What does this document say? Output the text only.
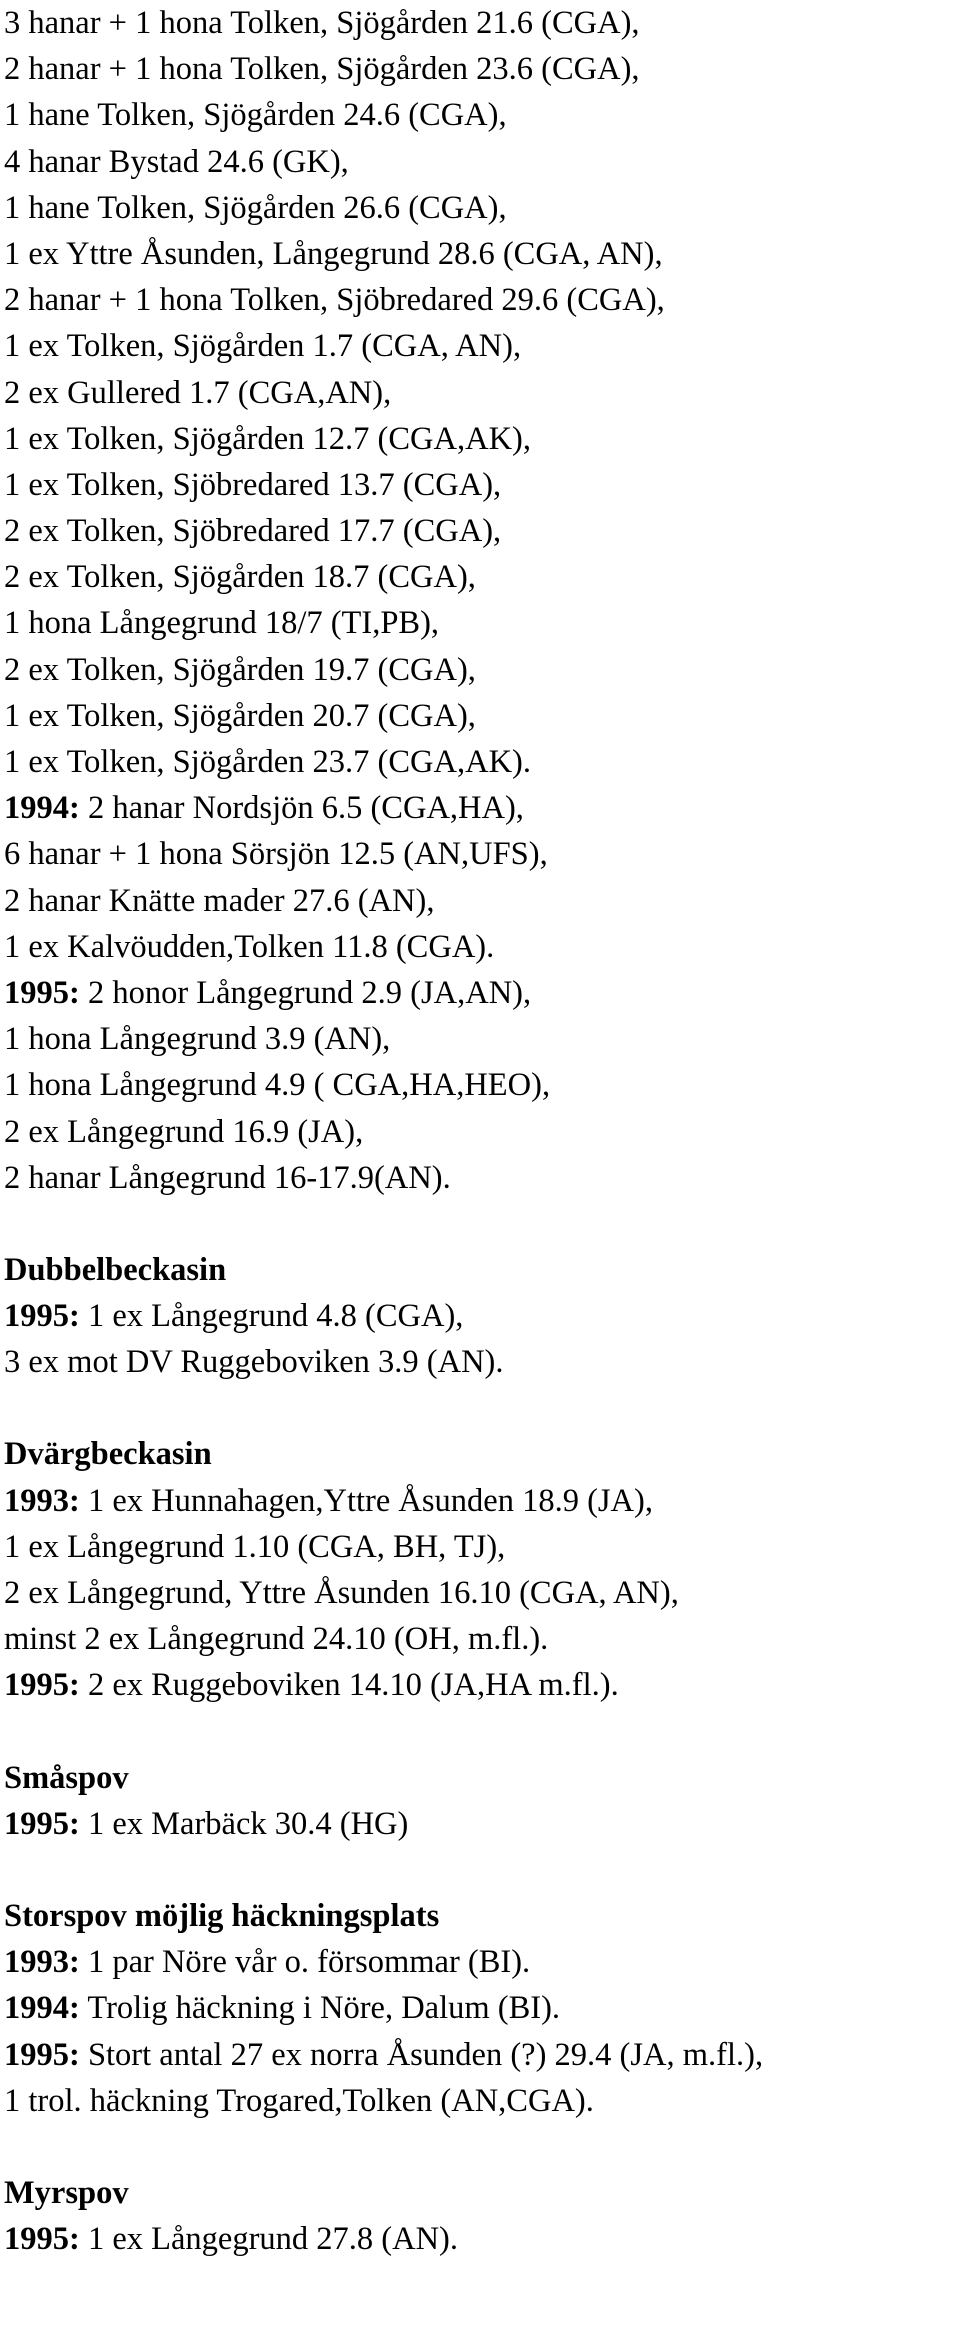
3 hanar + 1 hona Tolken, Sjögården 21.6 (CGA),
2 hanar + 1 hona Tolken, Sjögården 23.6 (CGA),
1 hane Tolken, Sjögården 24.6 (CGA),
4 hanar Bystad 24.6 (GK),
1 hane Tolken, Sjögården 26.6 (CGA),
1 ex Yttre Åsunden, Långegrund 28.6 (CGA, AN),
2 hanar + 1 hona Tolken, Sjöbredared 29.6 (CGA),
1 ex Tolken, Sjögården 1.7 (CGA, AN),
2 ex Gullered 1.7 (CGA,AN),
1 ex Tolken, Sjögården 12.7 (CGA,AK),
1 ex Tolken, Sjöbredared 13.7 (CGA),
2 ex Tolken, Sjöbredared 17.7 (CGA),
2 ex Tolken, Sjögården 18.7 (CGA),
1 hona Långegrund 18/7 (TI,PB),
2 ex Tolken, Sjögården 19.7 (CGA),
1 ex Tolken, Sjögården 20.7 (CGA),
1 ex Tolken, Sjögården 23.7 (CGA,AK).
1994: 2 hanar Nordsjön 6.5 (CGA,HA),
6 hanar + 1 hona Sörsjön 12.5 (AN,UFS),
2 hanar Knätte mader 27.6 (AN),
1 ex Kalvöudden,Tolken 11.8 (CGA).
1995: 2 honor Långegrund 2.9 (JA,AN),
1 hona Långegrund 3.9 (AN),
1 hona Långegrund 4.9 ( CGA,HA,HEO),
2 ex Långegrund 16.9 (JA),
2 hanar Långegrund 16-17.9(AN).
Dubbelbeckasin
1995: 1 ex Långegrund 4.8 (CGA),
3 ex mot DV Ruggeboviken 3.9 (AN).
Dvärgbeckasin
1993: 1 ex Hunnahagen,Yttre Åsunden 18.9 (JA),
1 ex Långegrund 1.10 (CGA, BH, TJ),
2 ex Långegrund, Yttre Åsunden 16.10 (CGA, AN),
minst 2 ex Långegrund 24.10 (OH, m.fl.).
1995: 2 ex Ruggeboviken 14.10 (JA,HA m.fl.).
Småspov
1995: 1 ex Marbäck 30.4 (HG)
Storspov möjlig häckningsplats
1993: 1 par Nöre vår o. försommar (BI).
1994: Trolig häckning i Nöre, Dalum (BI).
1995: Stort antal 27 ex norra Åsunden (?) 29.4 (JA, m.fl.),
1 trol. häckning Trogared,Tolken (AN,CGA).
Myrspov
1995: 1 ex Långegrund 27.8 (AN).
